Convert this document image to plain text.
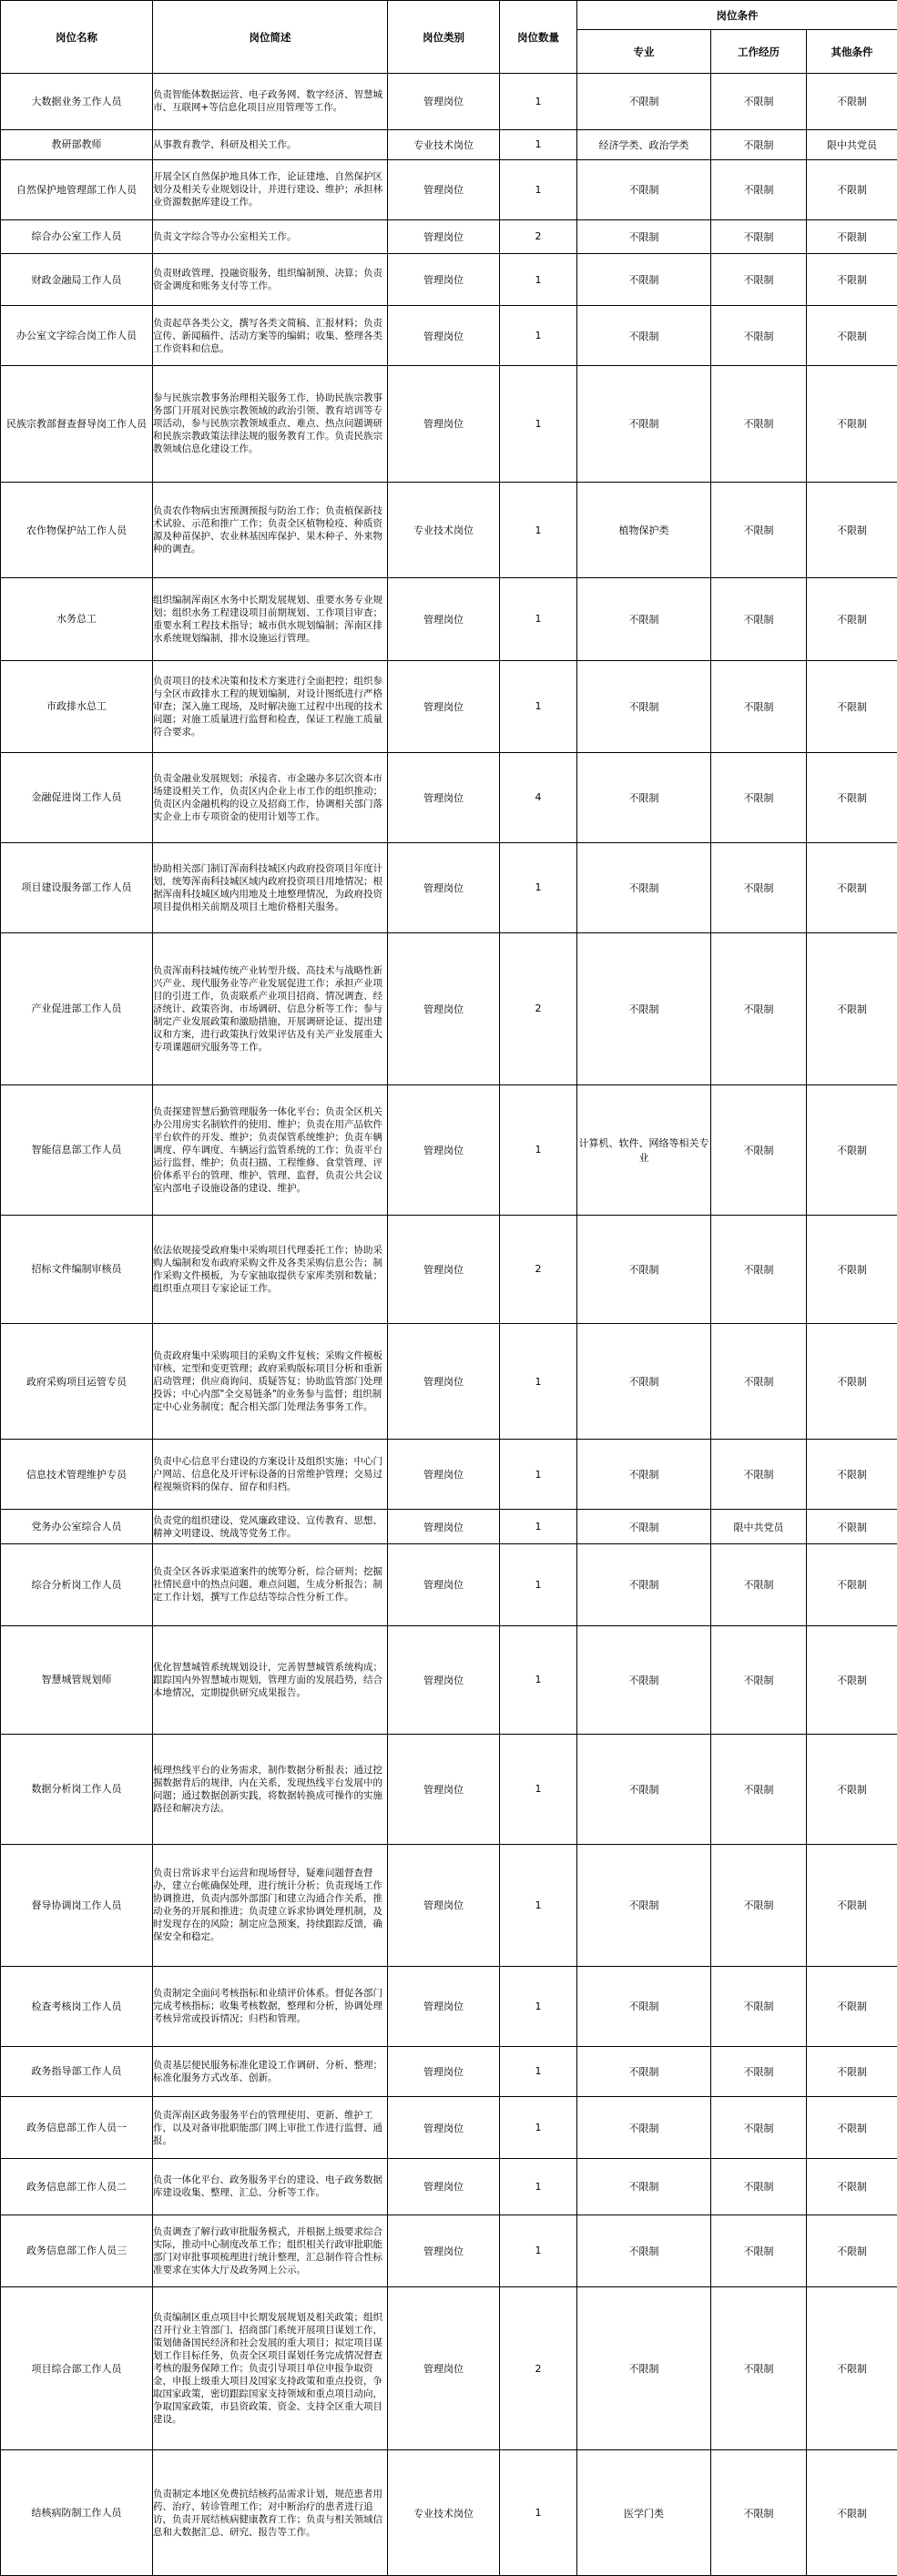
岗位名称	岗位简述	岗位类别	岗位数量	岗位条件		
				专业	工作经历	其他条件
大数据业务工作人员	负责智能体数据运营、电子政务网、数字经济、智慧城市、互联网+等信息化项目应用管理等工作。	管理岗位	1	不限制	不限制	不限制
教研部教师	从事教育教学、科研及相关工作。	专业技术岗位	1	经济学类、政治学类	不限制	限中共党员
自然保护地管理部工作人员	开展全区自然保护地具体工作，论证建地、自然保护区划分及相关专业规划设计，并进行建设、维护；承担林业资源数据库建设工作。	管理岗位	1	不限制	不限制	不限制
综合办公室工作人员	负责文字综合等办公室相关工作。	管理岗位	2	不限制	不限制	不限制
财政金融局工作人员	负责财政管理、投融资服务，组织编制预、决算；负责资金调度和账务支付等工作。	管理岗位	1	不限制	不限制	不限制
办公室文字综合岗工作人员	负责起草各类公文，撰写各类文简稿、汇报材料；负责宣传、新闻稿件、活动方案等的编辑；收集、整理各类工作资料和信息。	管理岗位	1	不限制	不限制	不限制
民族宗教部督查督导岗工作人员	参与民族宗教事务治理相关服务工作，协助民族宗教事务部门开展对民族宗教领域的政治引领、教育培训等专项活动，参与民族宗教领域重点、难点、热点问题调研和民族宗教政策法律法规的服务教育工作。负责民族宗教领域信息化建设工作。	管理岗位	1	不限制	不限制	不限制
农作物保护站工作人员	负责农作物病虫害预测预报与防治工作；负责植保新技术试验、示范和推广工作；负责全区植物检疫、种质资源及种苗保护、农业林基因库保护、果木种子、外来物种的调查。	专业技术岗位	1	植物保护类	不限制	不限制
水务总工	组织编制浑南区水务中长期发展规划、重要水务专业规划；组织水务工程建设项目前期规划、工作项目审查；重要水利工程技术指导；城市供水规划编制；浑南区排水系统规划编制，排水设施运行管理。	管理岗位	1	不限制	不限制	不限制
市政排水总工	负责项目的技术决策和技术方案进行全面把控；组织参与全区市政排水工程的规划编制，对设计图纸进行严格审查；深入施工现场，及时解决施工过程中出现的技术问题；对施工质量进行监督和检查，保证工程施工质量符合要求。	管理岗位	1	不限制	不限制	不限制
金融促进岗工作人员	负责金融业发展规划；承接省、市金融办多层次资本市场建设相关工作，负责区内企业上市工作的组织推动；负责区内金融机构的设立及招商工作，协调相关部门落实企业上市专项资金的使用计划等工作。	管理岗位	4	不限制	不限制	不限制
项目建设服务部工作人员	协助相关部门制订浑南科技城区内政府投资项目年度计划，统筹浑南科技城区域内政府投资项目用地情况；根据浑南科技城区域内用地及土地整理情况，为政府投资项目提供相关前期及项目土地价格相关服务。	管理岗位	1	不限制	不限制	不限制
产业促进部工作人员	负责浑南科技城传统产业转型升级、高技术与战略性新兴产业、现代服务业等产业发展促进工作；承担产业项目的引进工作，负责联系产业项目招商、情况调查、经济统计、政策咨询、市场调研、信息分析等工作；参与制定产业发展政策和激励措施，开展调研论证、提出建议和方案，进行政策执行效果评估及有关产业发展重大专项课题研究服务等工作。	管理岗位	2	不限制	不限制	不限制
智能信息部工作人员	负责探建智慧后勤管理服务一体化平台；负责全区机关办公用房实名制软件的使用、维护；负责在用产品软件平台软件的开发、维护；负责保管系统维护；负责车辆调度、停车调度、车辆运行监管系统的工作；负责平台运行监督、维护；负责扫描、工程维修、食堂管理、评价体系平台的管理、维护、管理、监督，负责公共会议室内部电子设施设备的建设、维护。	管理岗位	1	计算机、软件、网络等相关专业	不限制	不限制
招标文件编制审核员	依法依规接受政府集中采购项目代理委托工作；协助采购人编制和发布政府采购文件及各类采购信息公告；制作采购文件模板，为专家抽取提供专家库类别和数量；组织重点项目专家论证工作。	管理岗位	2	不限制	不限制	不限制
政府采购项目运管专员	负责政府集中采购项目的采购文件复核；采购文件模板审核、定型和变更管理；政府采购版标项目分析和重新启动管理；供应商询问、质疑答复；协助监管部门处理投诉；中心内部"全交易链条"的业务参与监督；组织制定中心业务制度；配合相关部门处理法务事务工作。	管理岗位	1	不限制	不限制	不限制
信息技术管理维护专员	负责中心信息平台建设的方案设计及组织实施；中心门户网站、信息化及开评标设备的日常维护管理；交易过程视频资料的保存、留存和归档。	管理岗位	1	不限制	不限制	不限制
党务办公室综合人员	负责党的组织建设、党风廉政建设、宣传教育、思想、精神文明建设、统战等党务工作。	管理岗位	1	不限制	限中共党员	不限制
综合分析岗工作人员	负责全区各诉求渠道案件的统筹分析，综合研判；挖掘社情民意中的热点问题、难点问题，生成分析报告；制定工作计划，撰写工作总结等综合性分析工作。	管理岗位	1	不限制	不限制	不限制
智慧城管规划师	优化智慧城管系统规划设计，完善智慧城管系统构成；跟踪国内外智慧城市规划，管理方面的发展趋势，结合本地情况，定期提供研究成果报告。	管理岗位	1	不限制	不限制	不限制
数据分析岗工作人员	梳理热线平台的业务需求，制作数据分析报表；通过挖掘数据背后的规律，内在关系，发现热线平台发展中的问题；通过数据创新实践，将数据转换成可操作的实施路径和解决方法。	管理岗位	1	不限制	不限制	不限制
督导协调岗工作人员	负责日常诉求平台运营和现场督导，疑难问题督查督办，建立台帐确保处理，进行统计分析；负责现场工作协调推进，负责内部外部部门和建立沟通合作关系，推动业务的开展和推进；负责建立诉求协调处理机制，及时发现存在的风险；制定应急预案，持续跟踪反馈，确保安全和稳定。	管理岗位	1	不限制	不限制	不限制
检查考核岗工作人员	负责制定全面问考核指标和业绩评价体系。督促各部门完成考核指标；收集考核数据，整理和分析，协调处理考核异常或投诉情况；归档和管理。	管理岗位	1	不限制	不限制	不限制
政务指导部工作人员	负责基层便民服务标准化建设工作调研、分析、整理；标准化服务方式改革、创新。	管理岗位	1	不限制	不限制	不限制
政务信息部工作人员一	负责浑南区政务服务平台的管理使用、更新、维护工作，以及对备审批职能部门网上审批工作进行监督、通报。	管理岗位	1	不限制	不限制	不限制
政务信息部工作人员二	负责一体化平台、政务服务平台的建设、电子政务数据库建设收集、整理、汇总、分析等工作。	管理岗位	1	不限制	不限制	不限制
政务信息部工作人员三	负责调查了解行政审批服务模式，并根据上级要求综合实际，推动中心制度改革工作；组织相关行政审批职能部门对审批事项梳理进行统计整理，汇总制作符合性标准要求在实体大厅及政务网上公示。	管理岗位	1	不限制	不限制	不限制
项目综合部工作人员	负责编制区重点项目中长期发展规划及相关政策；组织召开行业主管部门、招商部门系统开展项目谋划工作，策划储备国民经济和社会发展的重大项目；拟定项目谋划工作目标任务，负责全区项目谋划任务完成情况督查考核的服务保障工作；负责引导项目单位申报争取资金，申报上级重大项目及国家支持政策和重点投资，争取国家政策，密切跟踪国家支持领域和重点项目动向，争取国家政策，市县资政策、资金、支持全区重大项目建设。	管理岗位	2	不限制	不限制	不限制
结核病防制工作人员	负责制定本地区免费抗结核药品需求计划，规范患者用药、治疗、转诊管理工作；对中断治疗的患者进行追访，负责开展结核病健康教育工作；负责与相关领域信息和大数据汇总、研究、报告等工作。	专业技术岗位	1	医学门类	不限制	不限制
